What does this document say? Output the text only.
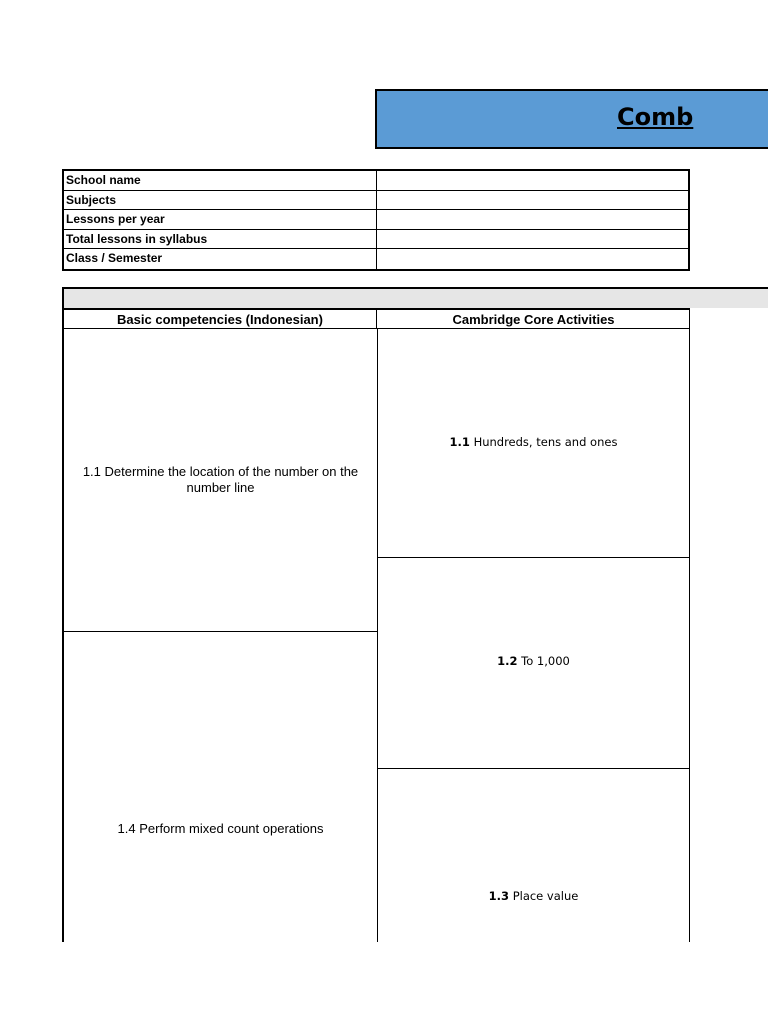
Comb
School name
Subjects
Lessons per year
Total lessons in syllabus
Class / Semester
Basic competencies (Indonesian)	Cambridge Core Activities
1.1 Determine the location of the number on the number line
1.4 Perform mixed count operations
1.1 Hundreds, tens and ones
1.2 To 1,000
1.3 Place value
